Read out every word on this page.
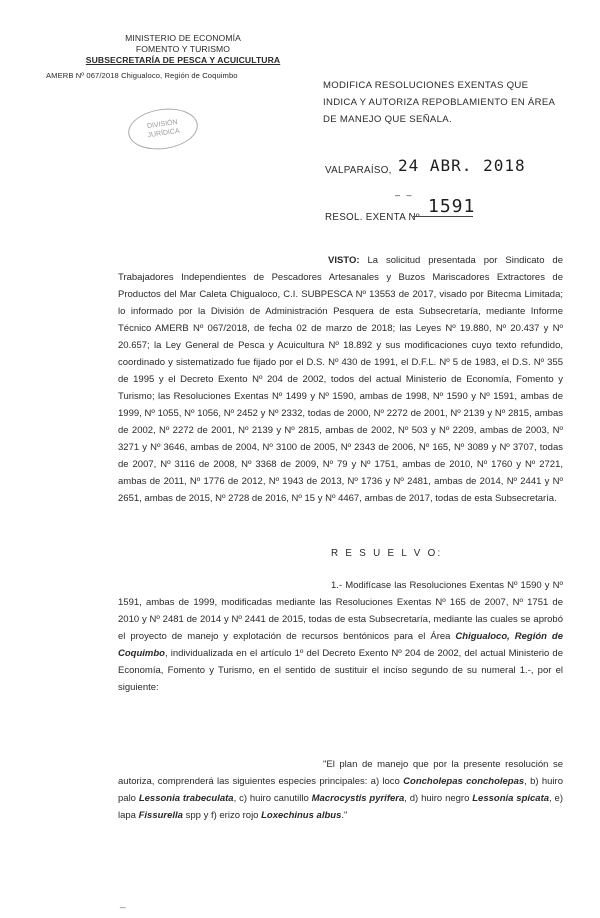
MINISTERIO DE ECONOMÍA
FOMENTO Y TURISMO
SUBSECRETARÍA DE PESCA Y ACUICULTURA
AMERB Nº 067/2018 Chigualoco, Región de Coquimbo
DIVISIÓN
JURÍDICA
MODIFICA RESOLUCIONES EXENTAS QUE INDICA Y AUTORIZA REPOBLAMIENTO EN ÁREA DE MANEJO QUE SEÑALA.
VALPARAÍSO, 24 ABR. 2018
– –
RESOL. EXENTA Nº
1591
VISTO: La solicitud presentada por Sindicato de Trabajadores Independientes de Pescadores Artesanales y Buzos Mariscadores Extractores de Productos del Mar Caleta Chigualoco, C.I. SUBPESCA Nº 13553 de 2017, visado por Bitecma Limitada; lo informado por la División de Administración Pesquera de esta Subsecretaría, mediante Informe Técnico AMERB Nº 067/2018, de fecha 02 de marzo de 2018; las Leyes Nº 19.880, Nº 20.437 y Nº 20.657; la Ley General de Pesca y Acuicultura Nº 18.892 y sus modificaciones cuyo texto refundido, coordinado y sistematizado fue fijado por el D.S. Nº 430 de 1991, el D.F.L. Nº 5 de 1983, el D.S. Nº 355 de 1995 y el Decreto Exento Nº 204 de 2002, todos del actual Ministerio de Economía, Fomento y Turismo; las Resoluciones Exentas Nº 1499 y Nº 1590, ambas de 1998, Nº 1590 y Nº 1591, ambas de 1999, Nº 1055, Nº 1056, Nº 2452 y Nº 2332, todas de 2000, Nº 2272 de 2001, Nº 2139 y Nº 2815, ambas de 2002, Nº 2272 de 2001, Nº 2139 y Nº 2815, ambas de 2002, Nº 503 y Nº 2209, ambas de 2003, Nº 3271 y Nº 3646, ambas de 2004, Nº 3100 de 2005, Nº 2343 de 2006, Nº 165, Nº 3089 y Nº 3707, todas de 2007, Nº 3116 de 2008, Nº 3368 de 2009, Nº 79 y Nº 1751, ambas de 2010, Nº 1760 y Nº 2721, ambas de 2011, Nº 1776 de 2012, Nº 1943 de 2013, Nº 1736 y Nº 2481, ambas de 2014, Nº 2441 y Nº 2651, ambas de 2015, Nº 2728 de 2016, Nº 15 y Nº 4467, ambas de 2017, todas de esta Subsecretaría.
R E S U E L V O:
1.- Modifícase las Resoluciones Exentas Nº 1590 y Nº 1591, ambas de 1999, modificadas mediante las Resoluciones Exentas Nº 165 de 2007, Nº 1751 de 2010 y Nº 2481 de 2014 y Nº 2441 de 2015, todas de esta Subsecretaría, mediante las cuales se aprobó el proyecto de manejo y explotación de recursos bentónicos para el Área Chigualoco, Región de Coquimbo, individualizada en el artículo 1º del Decreto Exento Nº 204 de 2002, del actual Ministerio de Economía, Fomento y Turismo, en el sentido de sustituir el inciso segundo de su numeral 1.-, por el siguiente:
"El plan de manejo que por la presente resolución se autoriza, comprenderá las siguientes especies principales: a) loco Concholepas concholepas, b) huiro palo Lessonia trabeculata, c) huiro canutillo Macrocystis pyrifera, d) huiro negro Lessonia spicata, e) lapa Fissurella spp y f) erizo rojo Loxechinus albus."
_
